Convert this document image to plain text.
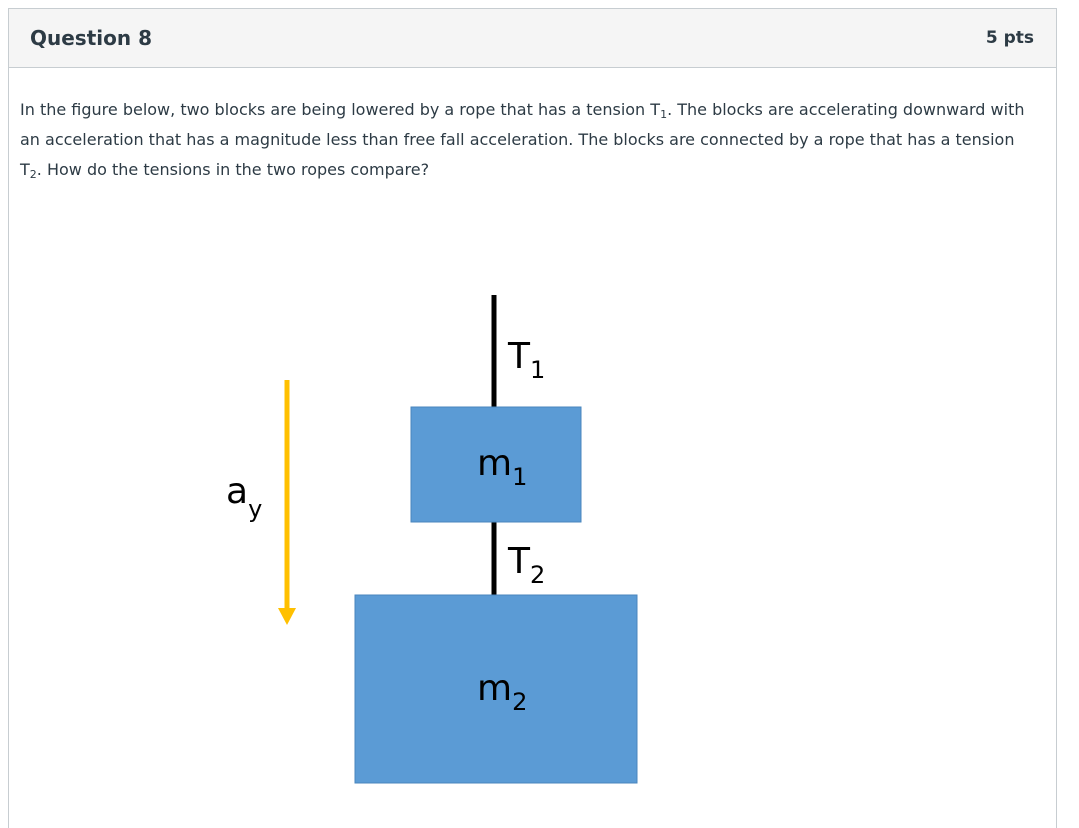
Question 8	5 pts
In the figure below, two blocks are being lowered by a rope that has a tension $T_1$. The blocks are accelerating downward with an acceleration that has a magnitude less than free fall acceleration. The blocks are connected by a rope that has a tension $T_2$. How do the tensions in the two ropes compare?
$a_y$
$T_1$
$T_2$
$m_1$
$m_2$
